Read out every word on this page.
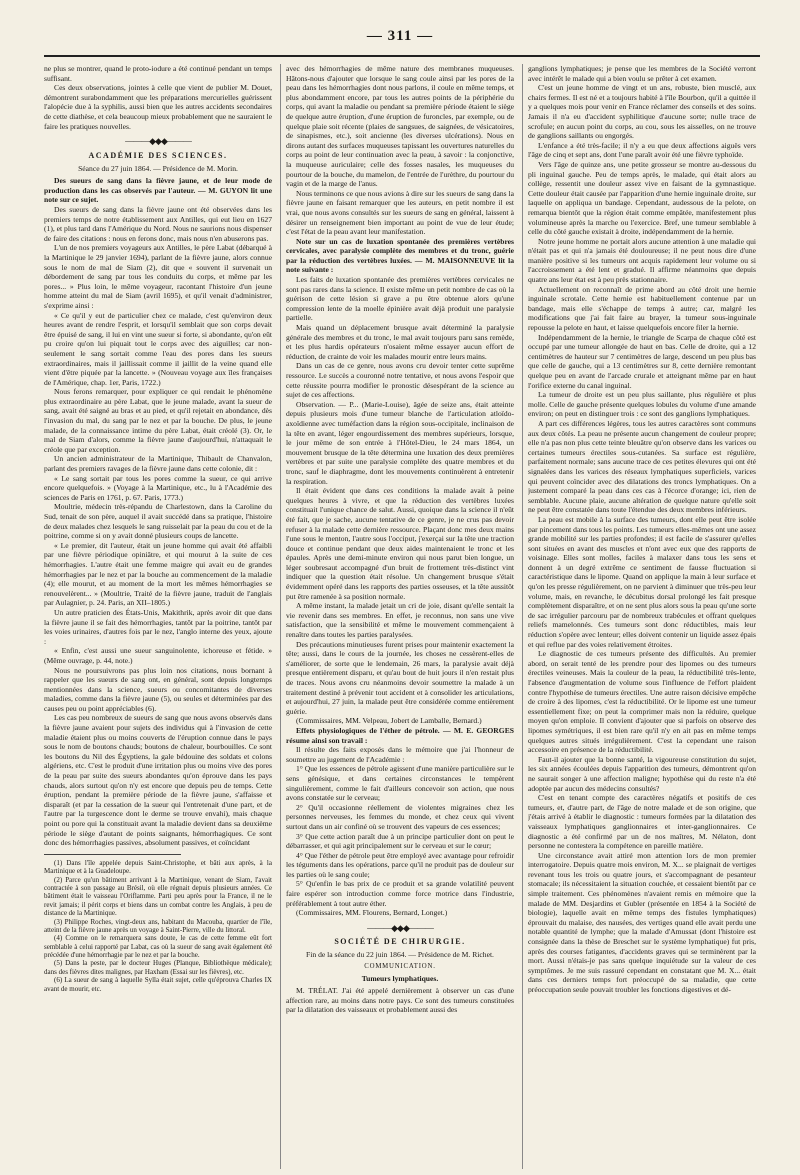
— 311 —

ne plus se montrer, quand le proto-iodure a été continué pendant un temps suffisant.

Ces deux observations, jointes à celle que vient de publier M. Douet, démontrent surabondamment que les préparations mercurielles guérissent l'alopécie due à la syphilis, aussi bien que les autres accidents secondaires de cette diathèse, et cela beaucoup mieux probablement que ne sauraient le faire les pratiques nouvelles.

———◆◆◆———
ACADÉMIE DES SCIENCES.
Séance du 27 juin 1864. — Présidence de M. Morin.

Des sueurs de sang dans la fièvre jaune, et de leur mode de production dans les cas observés par l'auteur. — M. GUYON lit une note sur ce sujet.

Des sueurs de sang dans la fièvre jaune ont été observées dans les premiers temps de notre établissement aux Antilles, qui eut lieu en 1627 (1), et plus tard dans l'Amérique du Nord. Nous ne saurions nous dispenser de faire des citations : nous en ferons donc, mais nous n'en abuserons pas.

L'un de nos premiers voyageurs aux Antilles, le père Labat (débarqué à la Martinique le 29 janvier 1694), parlant de la fièvre jaune, alors connue sous le nom de mal de Siam (2), dit que « souvent il survenait un débordement de sang par tous les conduits du corps, et même par les pores... » Plus loin, le même voyageur, racontant l'histoire d'un jeune homme atteint du mal de Siam (avril 1695), et qu'il venait d'administrer, s'exprime ainsi :

« Ce qu'il y eut de particulier chez ce malade, c'est qu'environ deux heures avant de rendre l'esprit, et lorsqu'il semblait que son corps devait être épuisé de sang, il lui en vint une sueur si forte, si abondante, qu'on eût pu croire qu'on lui piquait tout le corps avec des aiguilles; car non-seulement le sang sortait comme l'eau des pores dans les sueurs extraordinaires, mais il jaillissait comme il jaillit de la veine quand elle vient d'être piquée par la lancette. » (Nouveau voyage aux îles françaises de l'Amérique, chap. 1er, Paris, 1722.)

Nous ferons remarquer, pour expliquer ce qui rendait le phénomène plus extraordinaire au père Labat, que le jeune malade, avant la sueur de sang, avait été saigné au bras et au pied, et qu'il rejetait en abondance, dès l'invasion du mal, du sang par le nez et par la bouche. De plus, le jeune malade, de la connaissance intime du père Labat, était créolé (3). Or, le mal de Siam d'alors, comme la fièvre jaune d'aujourd'hui, n'attaquait le créole que par exception.

Un ancien administrateur de la Martinique, Thibault de Chanvalon, parlant des premiers ravages de la fièvre jaune dans cette colonie, dit :

« Le sang sortait par tous les pores comme la sueur, ce qui arrive encore quelquefois. » (Voyage à la Martinique, etc., lu à l'Académie des sciences de Paris en 1761, p. 67. Paris, 1773.)

Moultrie, médecin très-répandu de Charlestown, dans la Caroline du Sud, tenait de son père, auquel il avait succédé dans sa pratique, l'histoire de deux malades chez lesquels le sang ruisselait par la peau du cou et de la poitrine, comme si on y avait donné plusieurs coups de lancette.

« Le premier, dit l'auteur, était un jeune homme qui avait été affaibli par une fièvre périodique opiniâtre, et qui mourut à la suite de ces hémorrhagies. L'autre était une femme maigre qui avait eu de grandes hémorrhagies par le nez et par la bouche au commencement de la maladie (4); elle mourut, et au moment de la mort les mêmes hémorrhagies se renouvelèrent... » (Moultrie, Traité de la fièvre jaune, traduit de l'anglais par Aulagnier, p. 24. Paris, an XII–1805.)

Un autre praticien des États-Unis, Makithrik, après avoir dit que dans la fièvre jaune il se fait des hémorrhagies, tantôt par la poitrine, tantôt par les voies urinaires, d'autres fois par le nez, l'anglo interne des yeux, ajoute :

« Enfin, c'est aussi une sueur sanguinolente, ichoreuse et fétide. » (Même ouvrage, p. 44, note.)

Nous ne poursuivrons pas plus loin nos citations, nous bornant à rappeler que les sueurs de sang ont, en général, sont depuis longtemps mentionnées dans la science, sueurs ou concomitantes de diverses maladies, comme dans la fièvre jaune (5), ou seules et déterminées par des causes peu ou point appréciables (6).

Les cas peu nombreux de sueurs de sang que nous avons observés dans la fièvre jaune avaient pour sujets des individus qui à l'invasion de cette maladie étaient plus ou moins couverts de l'éruption connue dans le pays sous le nom de boutons chauds; boutons de chaleur, bourbouilles. Ce sont les boutons du Nil des Égyptiens, la gale bédouine des soldats et colons algériens, etc. C'est le produit d'une irritation plus ou moins vive des pores de la peau par suite des sueurs abondantes qu'on éprouve dans les pays chauds, alors surtout qu'on n'y est encore que depuis peu de temps. Cette éruption, pendant la première période de la fièvre jaune, s'affaisse et disparaît (et par la cessation de la sueur qui l'entretenait d'une part, et de l'autre par la turgescence dont le derme se trouve envahi), mais chaque point ou pore qui la constituait avant la maladie devient dans sa deuxième période le siège d'autant de points saignants, hémorrhagiques. Ce sont donc des hémorrhagies passives, absolument passives, et coïncidant

(1) Dans l'île appelée depuis Saint-Christophe, et bâti aux après, à la Martinique et à la Guadeloupe.

(2) Parce qu'un bâtiment arrivant à la Martinique, venant de Siam, l'avait contractée à son passage au Brésil, où elle régnait depuis plusieurs années. Ce bâtiment était le vaisseau l'Oriflamme. Parti peu après pour la France, il ne le revit jamais; il périt corps et biens dans un combat contre les Anglais, à peu de distance de la Martinique.

(3) Philippe Roches, vingt-deux ans, habitant du Macouba, quartier de l'île, atteint de la fièvre jaune après un voyage à Saint-Pierre, ville du littoral.

(4) Comme on le remarquera sans doute, le cas de cette femme eût fort semblable à celui rapporté par Labat, cas où la sueur de sang avait également été précédée d'une hémorrhagie par le nez et par la bouche.

(5) Dans la peste, par le docteur Huges (Planque, Bibliothèque médicale); dans des fièvres dites malignes, par Haxham (Essai sur les fièvres), etc.

(6) La sueur de sang à laquelle Sylla était sujet, celle qu'éprouva Charles IX avant de mourir, etc.

avec des hémorrhagies de même nature des membranes muqueuses. Hâtons-nous d'ajouter que lorsque le sang coule ainsi par les pores de la peau dans les hémorrhagies dont nous parlons, il coule en même temps, et plus abondamment encore, par tous les autres points de la périphérie du corps, qui avant la maladie ou pendant sa première période étaient le siège de quelque autre éruption, d'une éruption de furoncles, par exemple, ou de quelque plaie soit récente (plaies de sangsues, de saignées, de vésicatoires, de sinapismes, etc.), soit ancienne (les diverses ulcérations). Nous en dirons autant des surfaces muqueuses tapissant les ouvertures naturelles du corps au point de leur continuation avec la peau, à savoir : la conjonctive, la muqueuse auriculaire; celle des fosses nasales, les muqueuses du pourtour de la bouche, du mamelon, de l'entrée de l'urèthre, du pourtour du vagin et de la marge de l'anus.

Nous terminons ce que nous avions à dire sur les sueurs de sang dans la fièvre jaune en faisant remarquer que les auteurs, en petit nombre il est vrai, que nous avons consultés sur les sueurs de sang en général, laissent à désirer un renseignement bien important au point de vue de leur étude; c'est l'état de la peau avant leur manifestation.

Note sur un cas de luxation spontanée des premières vertèbres cervicales, avec paralysie complète des membres et du tronc, guérie par la réduction des vertèbres luxées. — M. MAISONNEUVE lit la note suivante :

Les faits de luxation spontanée des premières vertèbres cervicales ne sont pas rares dans la science. Il existe même un petit nombre de cas où la guérison de cette lésion si grave a pu être obtenue alors qu'une compression lente de la moelle épinière avait déjà produit une paralysie partielle.

Mais quand un déplacement brusque avait déterminé la paralysie générale des membres et du tronc, le mal avait toujours paru sans remède, et les plus hardis opérateurs n'osaient même essayer aucun effort de réduction, de crainte de voir les malades mourir entre leurs mains.

Dans un cas de ce genre, nous avons cru devoir tenter cette suprême ressource. Le succès a couronné notre tentative, et nous avons l'espoir que cette réussite pourra modifier le pronostic désespérant de la science au sujet de ces affections.

Observation. — P... (Marie-Louise), âgée de seize ans, était atteinte depuis plusieurs mois d'une tumeur blanche de l'articulation atloïdo-axoïdienne avec tuméfaction dans la région sous-occipitale, inclinaison de la tête en avant, léger engourdissement des membres supérieurs, lorsque, le jour même de son entrée à l'Hôtel-Dieu, le 24 mars 1864, un mouvement brusque de la tête détermina une luxation des deux premières vertèbres et par suite une paralysie complète des quatre membres et du tronc, sauf le diaphragme, dont les mouvements continuèrent à entretenir la respiration.

Il était évident que dans ces conditions la malade avait à peine quelques heures à vivre, et que la réduction des vertèbres luxées constituait l'unique chance de salut. Aussi, quoique dans la science il n'eût été fait, que je sache, aucune tentative de ce genre, je ne crus pas devoir refuser à la malade cette dernière ressource. Plaçant donc mes deux mains l'une sous le menton, l'autre sous l'occiput, j'exerçai sur la tête une traction douce et continue pendant que deux aides maintenaient le tronc et les épaules. Après une demi-minute environ qui nous parut bien longue, un léger soubresaut accompagné d'un bruit de frottement très-distinct vint indiquer que la question était résolue. Un changement brusque s'était évidemment opéré dans les rapports des parties osseuses, et la tête aussitôt put être ramenée à sa position normale.

A même instant, la malade jetait un cri de joie, disant qu'elle sentait la vie revenir dans ses membres. En effet, je reconnus, non sans une vive satisfaction, que la sensibilité et même le mouvement commençaient à renaître dans toutes les parties paralysées.

Des précautions minutieuses furent prises pour maintenir exactement la tête; aussi, dans le cours de la journée, les choses ne cessèrent-elles de s'améliorer, de sorte que le lendemain, 26 mars, la paralysie avait déjà presque entièrement disparu, et qu'au bout de huit jours il n'en restait plus de traces. Nous avons cru néanmoins devoir soumettre la malade à un traitement destiné à prévenir tout accident et à consolider les articulations, et aujourd'hui, 27 juin, la malade peut être considérée comme entièrement guérie.

(Commissaires, MM. Velpeau, Jobert de Lamballe, Bernard.)

Effets physiologiques de l'éther de pétrole. — M. E. GEORGES résume ainsi son travail :

Il résulte des faits exposés dans le mémoire que j'ai l'honneur de soumettre au jugement de l'Académie :

1° Que les essences de pétrole agissent d'une manière particulière sur le sens génésique, et dans certaines circonstances le tempèrent singulièrement, comme le fait d'ailleurs concevoir son action, que nous avons constatée sur le cerveau;

2° Qu'il occasionne réellement de violentes migraines chez les personnes nerveuses, les femmes du monde, et chez ceux qui vivent surtout dans un air confiné où se trouvent des vapeurs de ces essences;

3° Que cette action paraît due à un principe particulier dont on peut le débarrasser, et qui agit principalement sur le cerveau et sur le cœur;

4° Que l'éther de pétrole peut être employé avec avantage pour refroidir les téguments dans les opérations, parce qu'il ne produit pas de douleur sur les parties où le sang coule;

5° Qu'enfin le bas prix de ce produit et sa grande volatilité peuvent faire espérer son introduction comme force motrice dans l'industrie, préférablement à tout autre éther.

(Commissaires, MM. Flourens, Bernard, Longet.)

———◆◆◆———
SOCIÉTÉ DE CHIRURGIE.
Fin de la séance du 22 juin 1864. — Présidence de M. Richet.
COMMUNICATION.
Tumeurs lymphatiques.

M. TRÉLAT. J'ai été appelé dernièrement à observer un cas d'une affection rare, au moins dans notre pays. Ce sont des tumeurs constituées par la dilatation des vaisseaux et probablement aussi des

ganglions lymphatiques; je pense que les membres de la Société verront avec intérêt le malade qui a bien voulu se prêter à cet examen.

C'est un jeune homme de vingt et un ans, robuste, bien musclé, aux chairs fermes. Il est né et a toujours habité à l'île Bourbon, qu'il a quittée il y a quelques mois pour venir en France réclamer des conseils et des soins. Jamais il n'a eu d'accident syphilitique d'aucune sorte; nulle trace de scrofule; en aucun point du corps, au cou, sous les aisselles, on ne trouve de ganglions saillants ou engorgés.

L'enfance a été très-facile; il n'y a eu que deux affections aiguës vers l'âge de cinq et sept ans, dont l'une paraît avoir été une fièvre typhoïde.

Vers l'âge de quinze ans, une petite grosseur se montre au-dessous du pli inguinal gauche. Peu de temps après, le malade, qui était alors au collège, ressentit une douleur assez vive en faisant de la gymnastique. Cette douleur était causée par l'apparition d'une hernie inguinale droite, sur laquelle on appliqua un bandage. Cependant, audessous de la pelote, on remarqua bientôt que la région était comme empâtée, manifestement plus volumineuse après la marche ou l'exercice. Bref, une tumeur semblable à celle du côté gauche existait à droite, indépendamment de la hernie.

Notre jeune homme ne portait alors aucune attention à une maladie qui n'était pas et qui n'a jamais été douloureuse; il ne peut nous dire d'une manière positive si les tumeurs ont acquis rapidement leur volume ou si l'accroissement a été lent et gradué. Il affirme néanmoins que depuis quatre ans leur état est à peu près stationnaire.

Actuellement on reconnaît de prime abord au côté droit une hernie inguinale scrotale. Cette hernie est habituellement contenue par un bandage, mais elle s'échappe de temps à autre; car, malgré les modifications que j'ai fait faire au brayer, la tumeur sous-inguinale repousse la pelote en haut, et laisse quelquefois encore filer la hernie.

Indépendamment de la hernie, le triangle de Scarpa de chaque côté est occupé par une tumeur allongée de haut en bas. Celle de droite, qui a 12 centimètres de hauteur sur 7 centimètres de large, descend un peu plus bas que celle de gauche, qui a 13 centimètres sur 8, cette dernière remontant quelque peu en avant de l'arcade crurale et atteignant même par en haut l'orifice externe du canal inguinal.

La tumeur de droite est un peu plus saillante, plus régulière et plus molle. Celle de gauche présente quelques lobules du volume d'une amande environ; on peut en distinguer trois : ce sont des ganglions lymphatiques.

A part ces différences légères, tous les autres caractères sont communs aux deux côtés. La peau ne présente aucun changement de couleur propre; elle n'a pas non plus cette teinte bleuâtre qu'on observe dans les varices ou certaines tumeurs érectiles sous-cutanées. Sa surface est régulière, parfaitement normale; sans aucune trace de ces petites élevures qui ont été signalées dans les varices des réseaux lymphatiques superficiels, varices qui peuvent coïncider avec des dilatations des troncs lymphatiques. On a justement comparé la peau dans ces cas à l'écorce d'orange; ici, rien de semblable. Aucune plaie, aucune altération de quelque nature qu'elle soit ne peut être constatée dans toute l'étendue des deux membres inférieurs.

La peau est mobile à la surface des tumeurs, dont elle peut être isolée par pincement dans tous les points. Les tumeurs elles-mêmes ont une assez grande mobilité sur les parties profondes; il est facile de s'assurer qu'elles sont situées en avant des muscles et n'ont avec eux que des rapports de voisinage. Elles sont molles, faciles à malaxer dans tous les sens et donnent à un degré extrême ce sentiment de fausse fluctuation si caractéristique dans le lipome. Quand on applique la main à leur surface et qu'on les presse régulièrement, on ne parvient à diminuer que très-peu leur volume, mais, en revanche, le décubitus dorsal prolongé les fait presque complètement disparaître, et on ne sent plus alors sous la peau qu'une sorte de sac irrégulier parcouru par de nombreux trabécules et offrant quelques reliefs mamelonnés. Ces tumeurs sont donc réductibles, mais leur réduction s'opère avec lenteur; elles doivent contenir un liquide assez épais et qui reflue par des voies relativement étroites.

Le diagnostic de ces tumeurs présente des difficultés. Au premier abord, on serait tenté de les prendre pour des lipomes ou des tumeurs érectiles veineuses. Mais la couleur de la peau, la réductibilité très-lente, l'absence d'augmentation de volume sous l'influence de l'effort plaident contre l'hypothèse de tumeurs érectiles. Une autre raison décisive empêche de croire à des lipomes, c'est la réductibilité. Or le lipome est une tumeur essentiellement fixe; on peut la comprimer mais non la réduire, quelque moyen qu'on emploie. Il convient d'ajouter que si parfois on observe des lipomes symétriques, il est bien rare qu'il n'y en ait pas en même temps quelques autres situés irrégulièrement. C'est la cependant une raison accessoire en présence de la réductibilité.

Faut-il ajouter que la bonne santé, la vigoureuse constitution du sujet, les six années écoulées depuis l'apparition des tumeurs, démontrent qu'on ne saurait songer à une affection maligne; hypothèse qui du reste n'a été adoptée par aucun des médecins consultés?

C'est en tenant compte des caractères négatifs et positifs de ces tumeurs, et, d'autre part, de l'âge de notre malade et de son origine, que j'étais arrivé à établir le diagnostic : tumeurs formées par la dilatation des vaisseaux lymphatiques ganglionnaires et inter-ganglionnaires. Ce diagnostic a été confirmé par un de nos maîtres, M. Nélaton, dont personne ne contestera la compétence en pareille matière.

Une circonstance avait attiré mon attention lors de mon premier interrogatoire. Depuis quatre mois environ, M. X... se plaignait de vertiges revenant tous les trois ou quatre jours, et s'accompagnant de pesanteur stomacale; ils nécessitaient la situation couchée, et cessaient bientôt par ce simple traitement. Ces phénomènes n'avaient remis en mémoire que la malade de MM. Desjardins et Gubler (présentée en 1854 à la Société de biologie), laquelle avait en même temps des fistules lymphatiques) éprouvait du malaise, des nausées, des vertiges quand elle avait perdu une notable quantité de lymphe; que la malade d'Amussat (dont l'histoire est consignée dans la thèse de Breschet sur le système lymphatique) fut pris, après des courses fatigantes, d'accidents graves qui se terminèrent par la mort. Aussi n'étais-je pas sans quelque inquiétude sur la valeur de ces symptômes. Je me suis rassuré cependant en constatant que M. X... était dans ces derniers temps fort préoccupé de sa maladie, que cette préoccupation seule pouvait troubler les fonctions digestives et dé-
